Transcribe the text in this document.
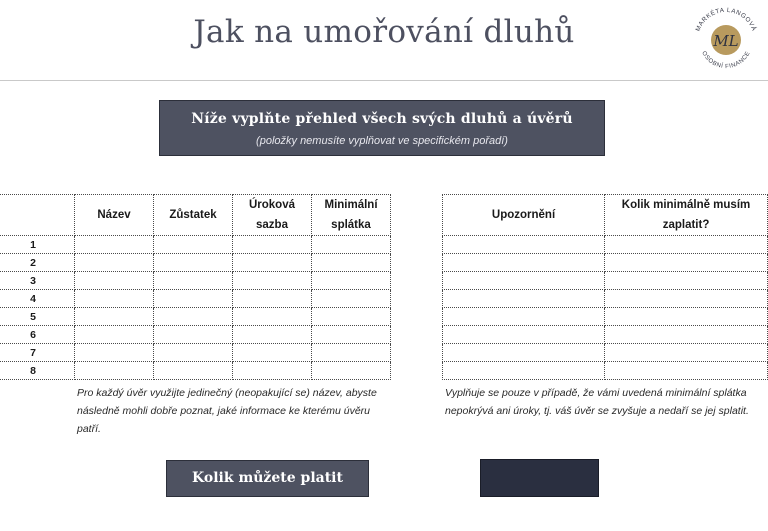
Jak na umořování dluhů	MARKÉTA LANGOVÁ
OSOBNÍ FINANCE
ML
Níže vyplňte přehled všech svých dluhů a úvěrů
(položky nemusíte vyplňovat ve specifickém pořadí)
	Název	Zůstatek	Úroková sazba	Minimální splátka
1				
2				
3				
4				
5				
6				
7				
8				
Upozornění	Kolik minimálně musím zaplatit?

Pro každý úvěr využijte jedinečný (neopakující se) název, abyste následně mohli dobře poznat, jaké informace ke kterému úvěru patří.
Vyplňuje se pouze v případě, že vámi uvedená minimální splátka nepokrývá ani úroky, tj. váš úvěr se zvyšuje a nedaří se jej splatit.
Kolik můžete platit navíc?
